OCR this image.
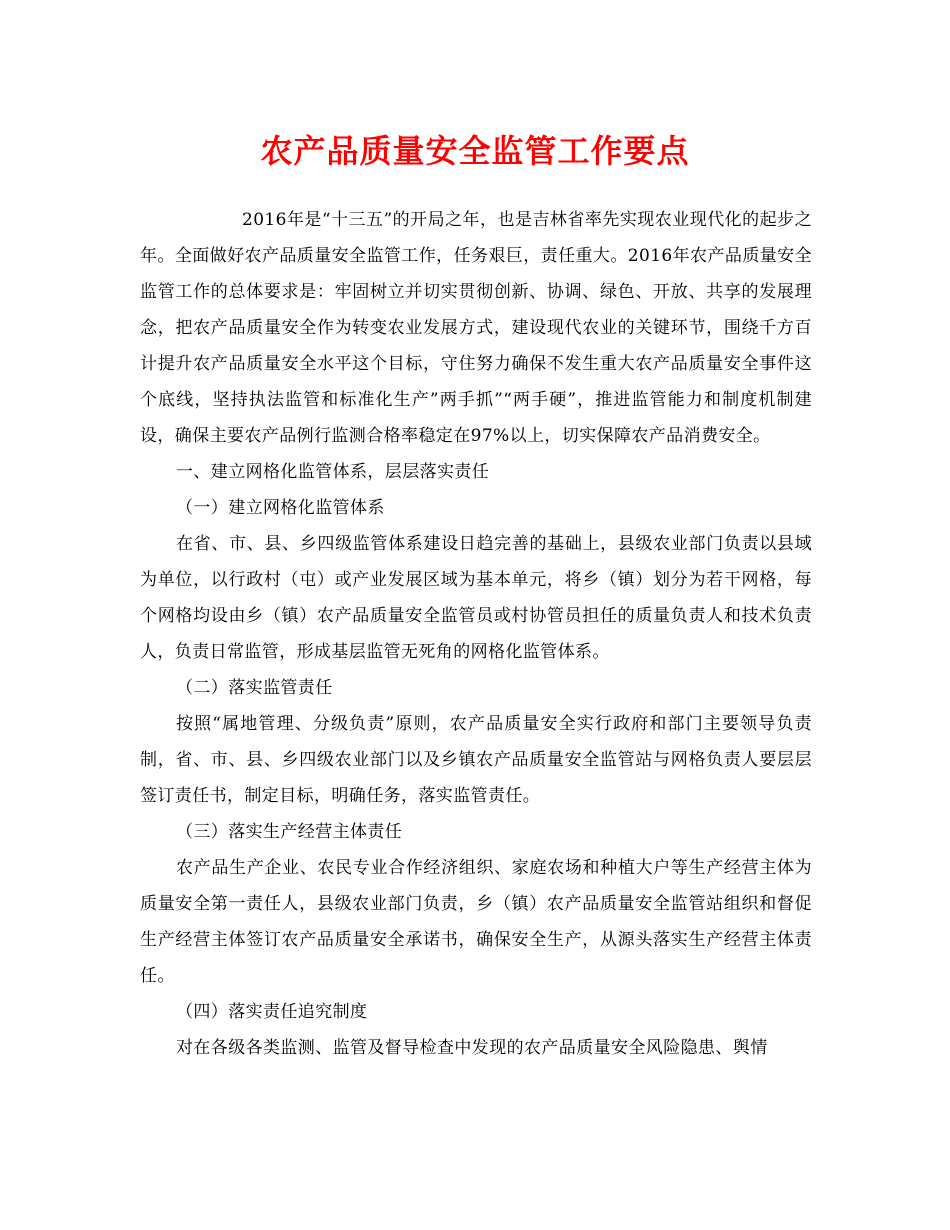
农产品质量安全监管工作要点

2016年是“十三五”的开局之年，也是吉林省率先实现农业现代化的起步之年。全面做好农产品质量安全监管工作，任务艰巨，责任重大。2016年农产品质量安全监管工作的总体要求是：牢固树立并切实贯彻创新、协调、绿色、开放、共享的发展理念，把农产品质量安全作为转变农业发展方式，建设现代农业的关键环节，围绕千方百计提升农产品质量安全水平这个目标，守住努力确保不发生重大农产品质量安全事件这个底线，坚持执法监管和标准化生产”两手抓”“两手硬”，推进监管能力和制度机制建设，确保主要农产品例行监测合格率稳定在97%以上，切实保障农产品消费安全。

一、建立网格化监管体系，层层落实责任

（一）建立网格化监管体系

在省、市、县、乡四级监管体系建设日趋完善的基础上，县级农业部门负责以县域为单位，以行政村（屯）或产业发展区域为基本单元，将乡（镇）划分为若干网格，每个网格均设由乡（镇）农产品质量安全监管员或村协管员担任的质量负责人和技术负责人，负责日常监管，形成基层监管无死角的网格化监管体系。

（二）落实监管责任

按照“属地管理、分级负责”原则，农产品质量安全实行政府和部门主要领导负责制，省、市、县、乡四级农业部门以及乡镇农产品质量安全监管站与网格负责人要层层签订责任书，制定目标，明确任务，落实监管责任。

（三）落实生产经营主体责任

农产品生产企业、农民专业合作经济组织、家庭农场和种植大户等生产经营主体为质量安全第一责任人，县级农业部门负责，乡（镇）农产品质量安全监管站组织和督促生产经营主体签订农产品质量安全承诺书，确保安全生产，从源头落实生产经营主体责任。

（四）落实责任追究制度

对在各级各类监测、监管及督导检查中发现的农产品质量安全风险隐患、舆情
